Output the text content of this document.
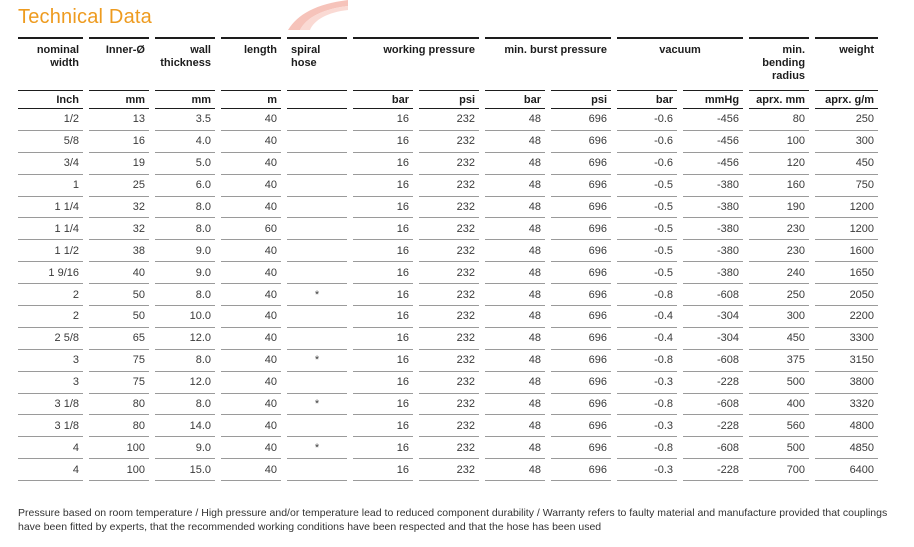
Technical Data
nominal width	Inner-Ø	wall thickness	length	spiral hose	working pressure		min. burst pressure		vacuum		min. bending radius	weight
Inch	mm	mm	m		bar	psi	bar	psi	bar	mmHg	aprx. mm	aprx. g/m
1/2	13	3.5	40		16	232	48	696	-0.6	-456	80	250
5/8	16	4.0	40		16	232	48	696	-0.6	-456	100	300
3/4	19	5.0	40		16	232	48	696	-0.6	-456	120	450
1	25	6.0	40		16	232	48	696	-0.5	-380	160	750
1 1/4	32	8.0	40		16	232	48	696	-0.5	-380	190	1200
1 1/4	32	8.0	60		16	232	48	696	-0.5	-380	230	1200
1 1/2	38	9.0	40		16	232	48	696	-0.5	-380	230	1600
1 9/16	40	9.0	40		16	232	48	696	-0.5	-380	240	1650
2	50	8.0	40	*	16	232	48	696	-0.8	-608	250	2050
2	50	10.0	40		16	232	48	696	-0.4	-304	300	2200
2 5/8	65	12.0	40		16	232	48	696	-0.4	-304	450	3300
3	75	8.0	40	*	16	232	48	696	-0.8	-608	375	3150
3	75	12.0	40		16	232	48	696	-0.3	-228	500	3800
3 1/8	80	8.0	40	*	16	232	48	696	-0.8	-608	400	3320
3 1/8	80	14.0	40		16	232	48	696	-0.3	-228	560	4800
4	100	9.0	40	*	16	232	48	696	-0.8	-608	500	4850
4	100	15.0	40		16	232	48	696	-0.3	-228	700	6400

Pressure based on room temperature / High pressure and/or temperature lead to reduced component durability / Warranty refers to faulty material and manufacture provided that couplings have been fitted by experts, that the recommended working conditions have been respected and that the hose has been used
